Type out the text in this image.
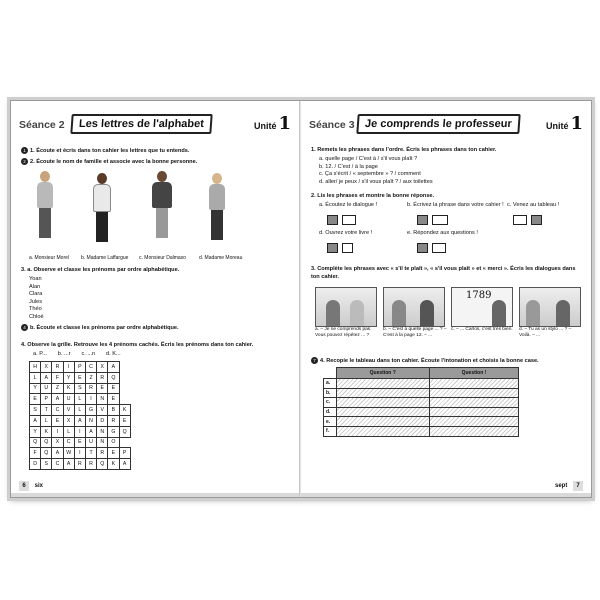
Séance 2	Les lettres de l'alphabet	Unité 1
1 1. Écoute et écris dans ton cahier les lettres que tu entends.
2 2. Écoute le nom de famille et associe avec la bonne personne.
a. Monsieur Morel b. Madame Laffargue c. Monsieur Dalmaso	d. Madame Moreau
3. a. Observe et classe les prénoms par ordre alphabétique.
Yoan
Alan
Clara
Jules
Théo
Chloé
4 b. Écoute et classe les prénoms par ordre alphabétique.
4. Observe la grille. Retrouve les 4 prénoms cachés. Écris les prénoms dans ton cahier.
a. P... b. ...r c. ...n d. K...
H	X	R	I	P	C	X	A	
L	A	F	Y	E	Z	R	Q	
Y	U	Z	K	S	R	E	E	
E	P	A	U	L	I	N	E	
S	T	C	V	L	G	V	B	K
A	L	E	X	A	N	D	R	E
Y	K	I	L	I	A	N	G	Q
Q	Q	X	C	E	U	N	O	
F	Q	A	W	I	T	R	E	P
D	S	C	A	R	R	Q	K	A
6 six
Séance 3 Je comprends le professeur	Unité 1
1. Remets les phrases dans l'ordre. Écris les phrases dans ton cahier.
a. quelle page / C'est à / s'il vous plaît ?
b. 12. / C'est / à la page
c. Ça s'écrit / « septembre » ? / comment
d. aller/ je peux / s'il vous plaît ? / aux toilettes
2. Lis les phrases et montre la bonne réponse.
a. Écoutez le dialogue !	b. Écrivez la phrase dans votre cahier ! c. Venez au tableau !

d. Ouvrez votre livre !	e. Répondez aux questions !

3. Complète les phrases avec « s'il te plaît », « s'il vous plaît » et « merci ». Écris les dialogues dans ton cahier.
1789
a. – Je ne comprends pas. Vous pouvez répétez ... ?
b. – C'est à quelle page ... ? – C'est à la page 12. – ...
c. – ... Carlos, c'est très bien.	d. – Tu as un stylo ... ? – Voilà. – ...
7 4. Recopie le tableau dans ton cahier. Écoute l'intonation et choisis la bonne case.
	Question ?	Question !
a.		
b.		
c.		
d.		
e.		
f.		
sept 7
